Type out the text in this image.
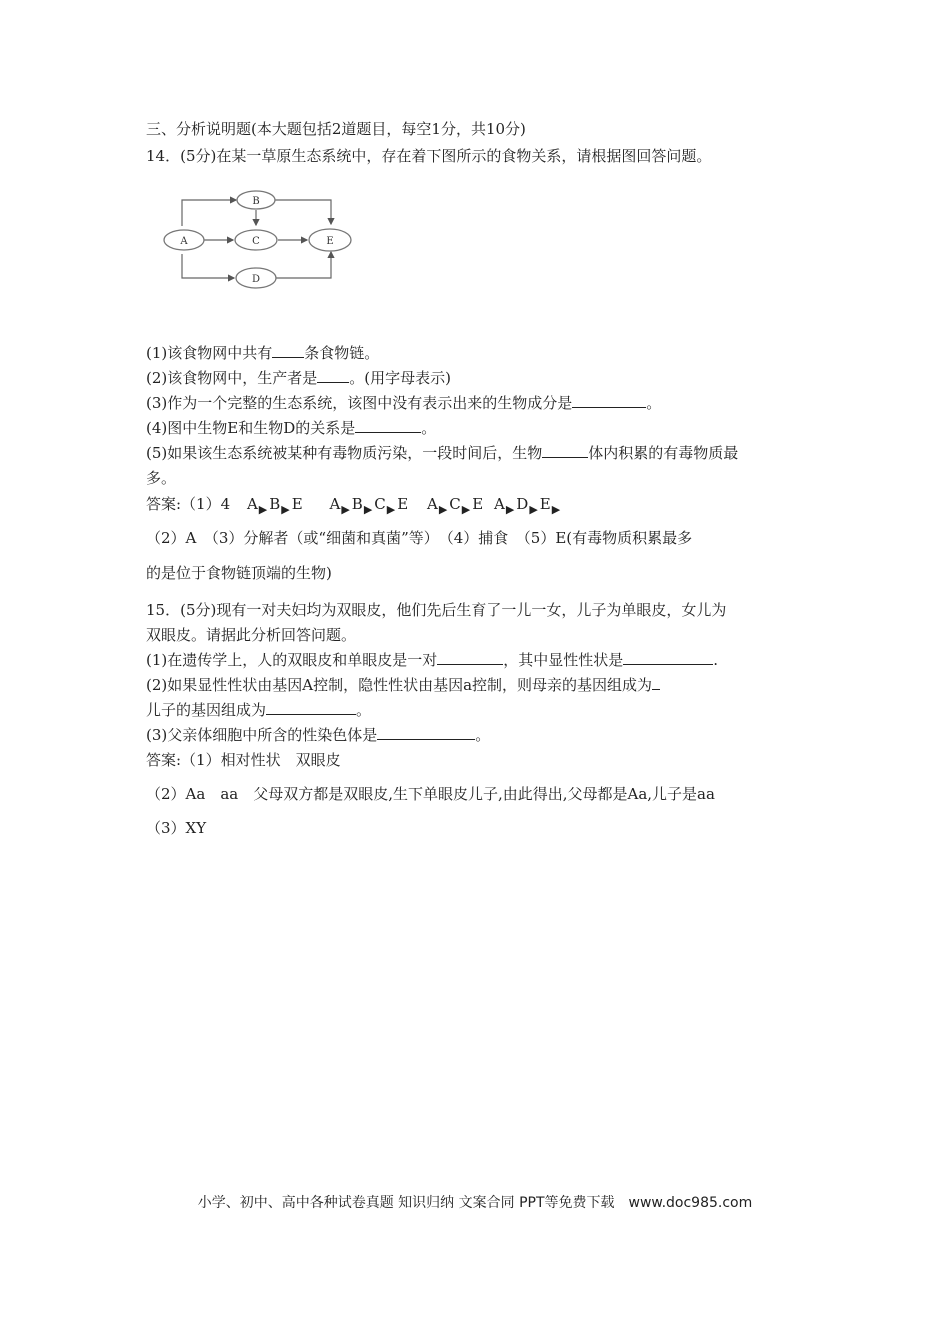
三、分析说明题(本大题包括2道题目，每空1分，共10分)
14．(5分)在某一草原生态系统中，存在着下图所示的食物关系，请根据图回答问题。
A
B
C
D
E
(1)该食物网中共有 条食物链。
(2)该食物网中，生产者是 。(用字母表示)
(3)作为一个完整的生态系统，该图中没有表示出来的生物成分是	。
(4)图中生物E和生物D的关系是	。
(5)如果该生态系统被某种有毒物质污染，一段时间后，生物	体内积累的有毒物质最
多。
答案:（1）4 $A_▶$ $B_▶$ E $A_▶$ $B_▶$ $C_▶$ E $A_▶$ $C_▶$ E $A_▶$ $D_▶$ $E_▶$
（2）A　（3）分解者（或“细菌和真菌”等）　（4）捕食　（5）E(有毒物质积累最多
的是位于食物链顶端的生物)
15．(5分)现有一对夫妇均为双眼皮，他们先后生育了一儿一女，儿子为单眼皮，女儿为
双眼皮。请据此分析回答问题。
(1)在遗传学上，人的双眼皮和单眼皮是一对	，其中显性性状是	.
(2)如果显性性状由基因A控制，隐性性状由基因a控制，则母亲的基因组成为
儿子的基因组成为	。
(3)父亲体细胞中所含的性染色体是	。
答案:（1）相对性状　双眼皮
（2）Aa　aa　父母双方都是双眼皮,生下单眼皮儿子,由此得出,父母都是Aa,儿子是aa
（3）XY
小学、初中、高中各种试卷真题 知识归纳 文案合同 PPT等免费下载　www.doc985.com
